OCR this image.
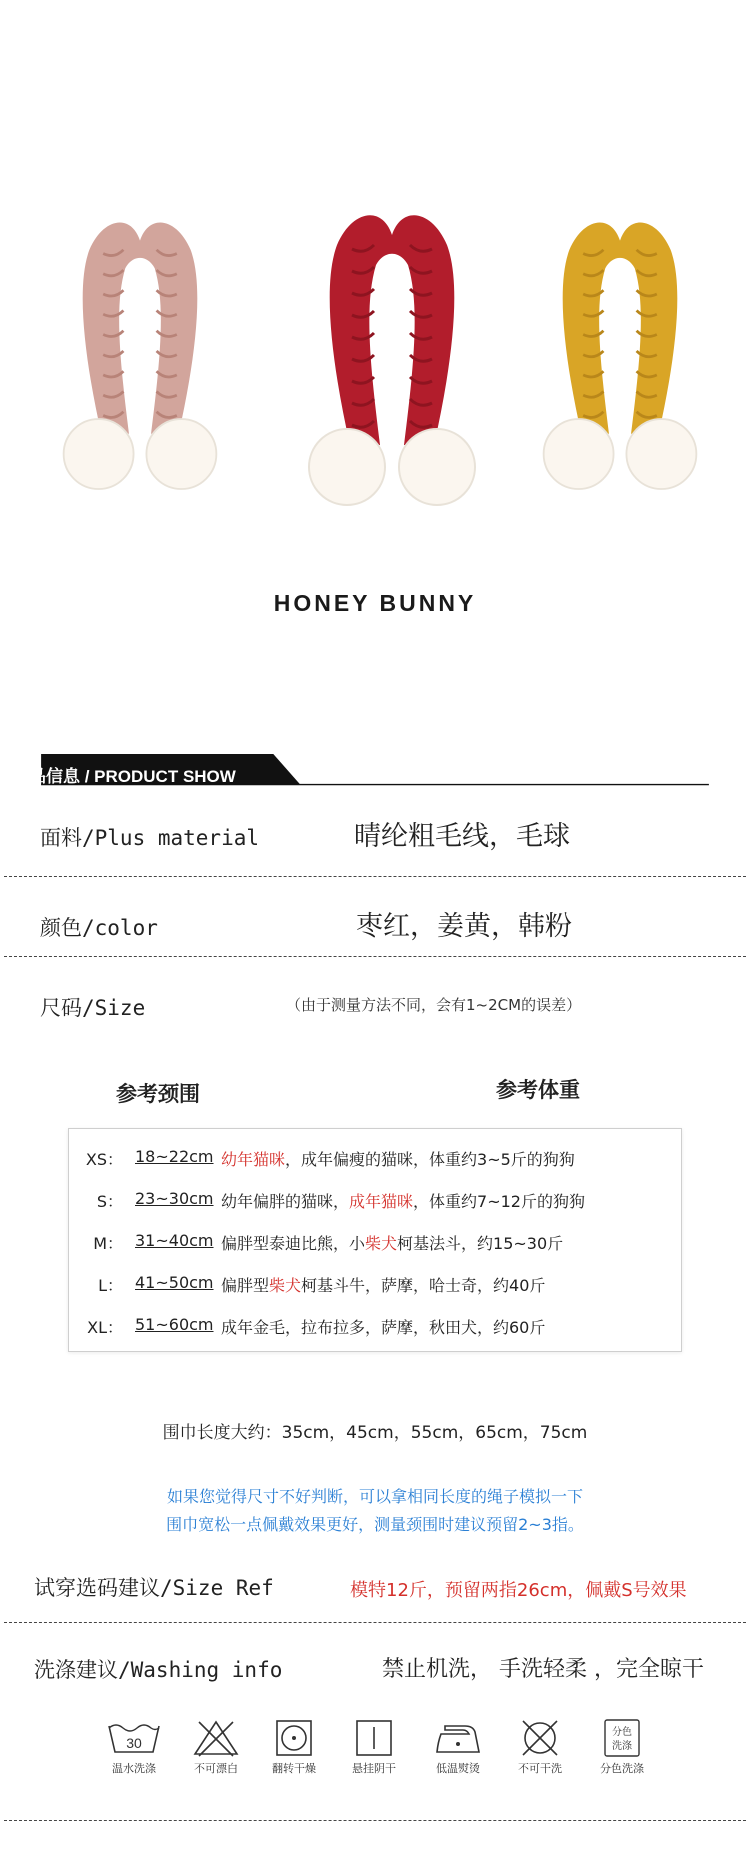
HONEY BUNNY
产品信息 / PRODUCT SHOW
面料/Plus material	晴纶粗毛线，毛球
颜色/color	枣红，姜黄，韩粉
尺码/Size	（由于测量方法不同，会有1~2CM的误差）
参考颈围	参考体重
XS： 18~22cm 幼年猫咪，成年偏瘦的猫咪，体重约3~5斤的狗狗
S： 23~30cm 幼年偏胖的猫咪，成年猫咪，体重约7~12斤的狗狗
M： 31~40cm 偏胖型泰迪比熊，小柴犬柯基法斗，约15~30斤
L： 41~50cm 偏胖型柴犬柯基斗牛，萨摩，哈士奇，约40斤
XL： 51~60cm 成年金毛，拉布拉多，萨摩，秋田犬，约60斤
围巾长度大约：35cm，45cm，55cm，65cm，75cm
如果您觉得尺寸不好判断，可以拿相同长度的绳子模拟一下
围巾宽松一点佩戴效果更好，测量颈围时建议预留2~3指。
试穿选码建议/Size Ref	模特12斤，预留两指26cm，佩戴S号效果
洗涤建议/Washing info	禁止机洗， 手洗轻柔 ，完全晾干
30
温水洗涤	不可漂白	翻转干燥	悬挂阴干	低温熨烫	不可干洗
分色
洗涤
分色洗涤
